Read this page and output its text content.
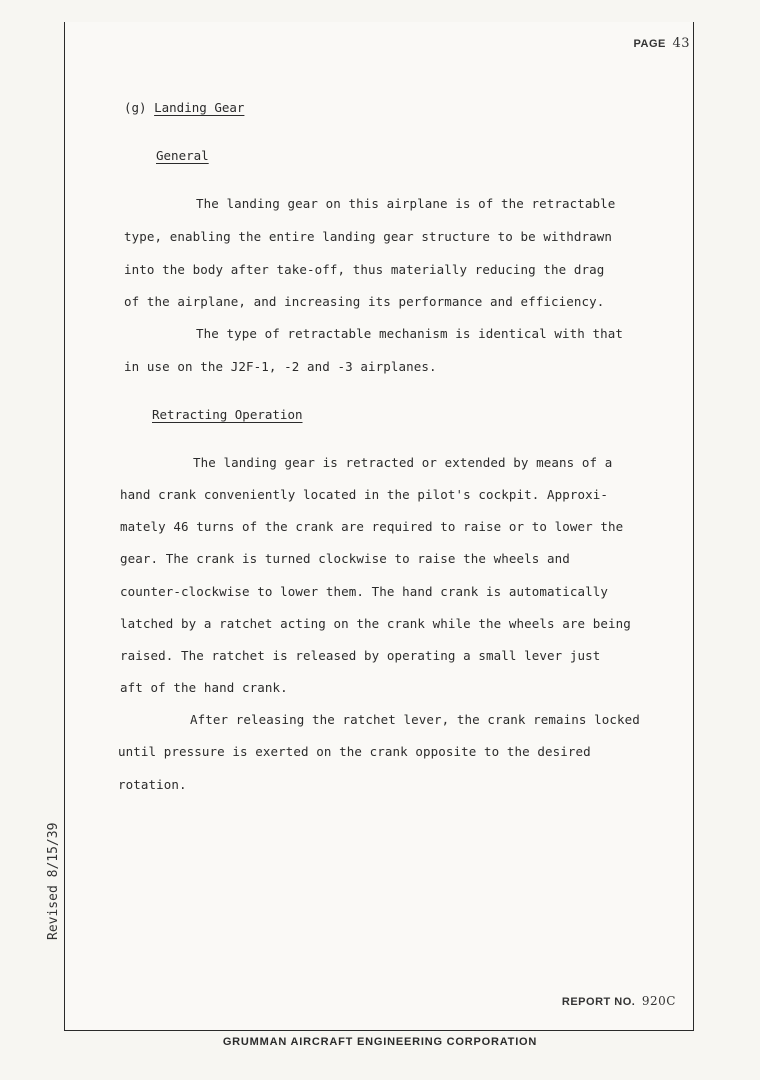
PAGE 43
(g) Landing Gear
General
The landing gear on this airplane is of the retractable
type, enabling the entire landing gear structure to be withdrawn
into the body after take-off, thus materially reducing the drag
of the airplane, and increasing its performance and efficiency.
The type of retractable mechanism is identical with that
in use on the J2F-1, -2 and -3 airplanes.
Retracting Operation
The landing gear is retracted or extended by means of a
hand crank conveniently located in the pilot's cockpit. Approxi-
mately 46 turns of the crank are required to raise or to lower the
gear. The crank is turned clockwise to raise the wheels and
counter-clockwise to lower them. The hand crank is automatically
latched by a ratchet acting on the crank while the wheels are being
raised. The ratchet is released by operating a small lever just
aft of the hand crank.
After releasing the ratchet lever, the crank remains locked
until pressure is exerted on the crank opposite to the desired
rotation.
Revised 8/15/39
REPORT NO. 920C
GRUMMAN AIRCRAFT ENGINEERING CORPORATION
